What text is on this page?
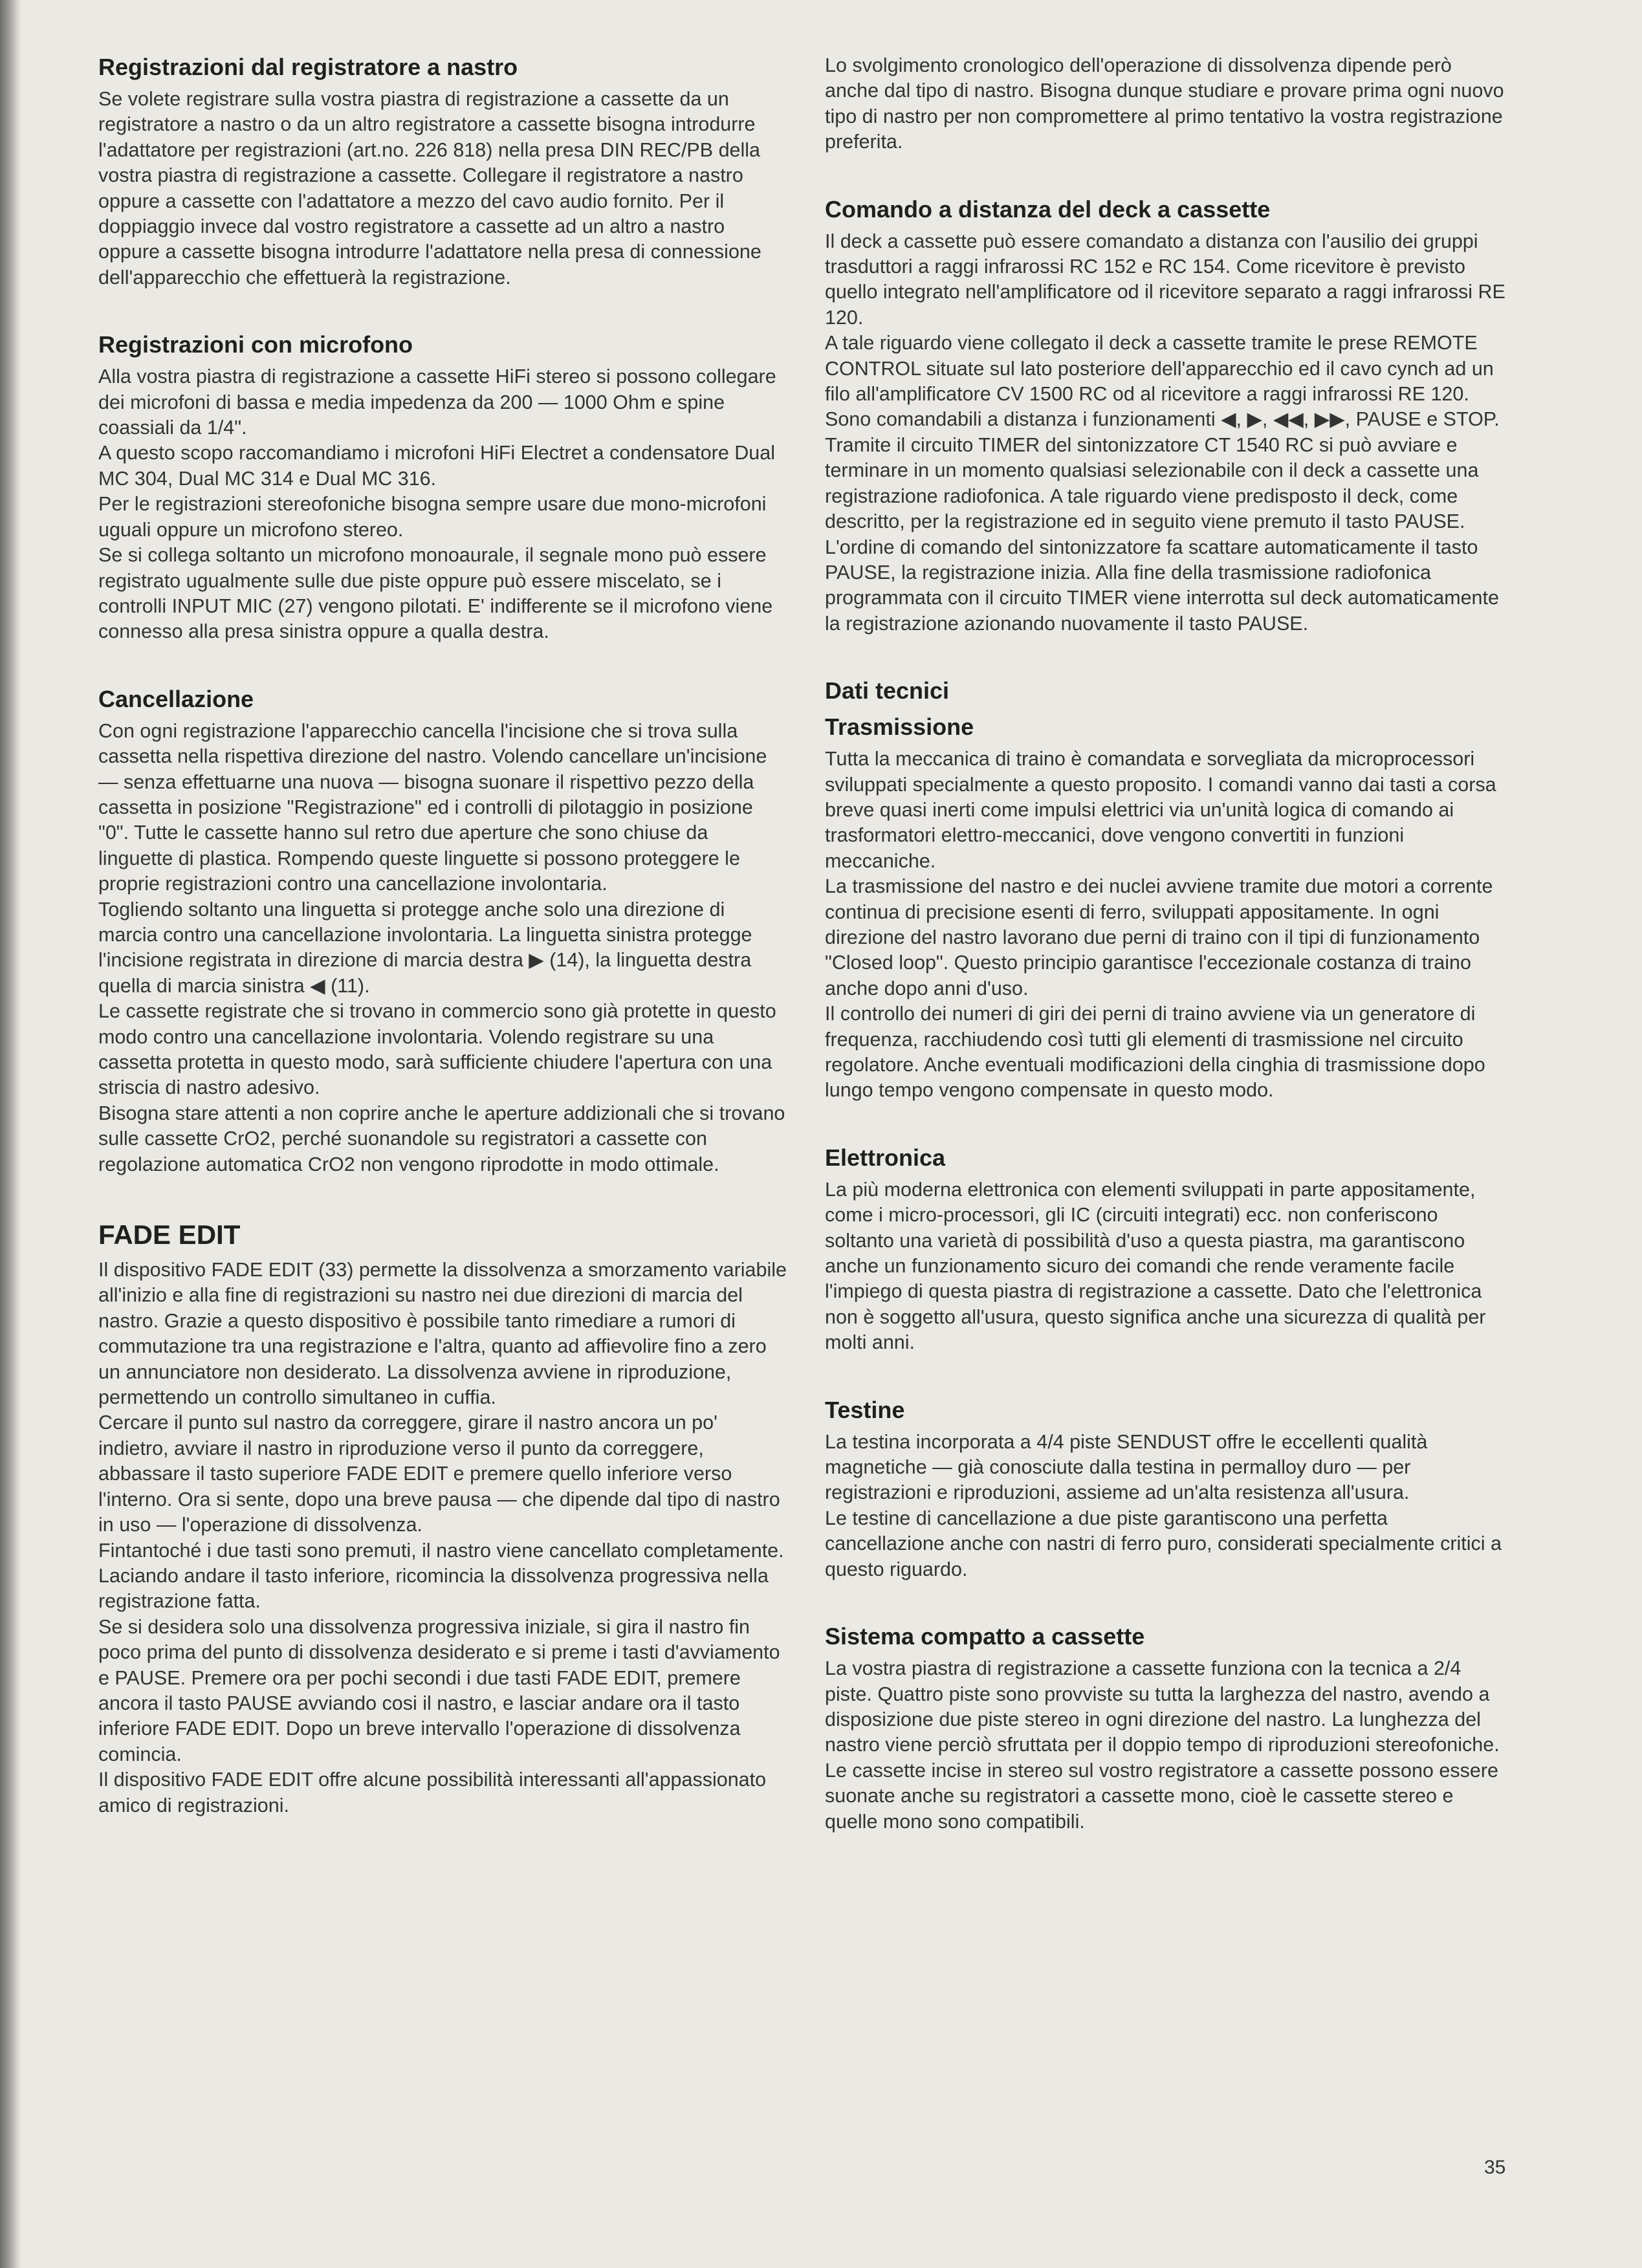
Registrazioni dal registratore a nastro

Se volete registrare sulla vostra piastra di registrazione a cassette da un registratore a nastro o da un altro registratore a cassette bisogna introdurre l'adattatore per registrazioni (art.no. 226 818) nella presa DIN REC/PB della vostra piastra di registrazione a cassette. Collegare il registratore a nastro oppure a cassette con l'adattatore a mezzo del cavo audio fornito. Per il doppiaggio invece dal vostro registratore a cassette ad un altro a nastro oppure a cassette bisogna introdurre l'adattatore nella presa di connessione dell'apparecchio che effettuerà la registrazione.

Registrazioni con microfono

Alla vostra piastra di registrazione a cassette HiFi stereo si possono collegare dei microfoni di bassa e media impedenza da 200 — 1000 Ohm e spine coassiali da 1/4".

A questo scopo raccomandiamo i microfoni HiFi Electret a condensatore Dual MC 304, Dual MC 314 e Dual MC 316.

Per le registrazioni stereofoniche bisogna sempre usare due mono-microfoni uguali oppure un microfono stereo.

Se si collega soltanto un microfono monoaurale, il segnale mono può essere registrato ugualmente sulle due piste oppure può essere miscelato, se i controlli INPUT MIC (27) vengono pilotati. E' indifferente se il microfono viene connesso alla presa sinistra oppure a qualla destra.

Cancellazione

Con ogni registrazione l'apparecchio cancella l'incisione che si trova sulla cassetta nella rispettiva direzione del nastro. Volendo cancellare un'incisione — senza effettuarne una nuova — bisogna suonare il rispettivo pezzo della cassetta in posizione "Registrazione" ed i controlli di pilotaggio in posizione "0". Tutte le cassette hanno sul retro due aperture che sono chiuse da linguette di plastica. Rompendo queste linguette si possono proteggere le proprie registrazioni contro una cancellazione involontaria.

Togliendo soltanto una linguetta si protegge anche solo una direzione di marcia contro una cancellazione involontaria. La linguetta sinistra protegge l'incisione registrata in direzione di marcia destra ▶ (14), la linguetta destra quella di marcia sinistra ◀ (11).

Le cassette registrate che si trovano in commercio sono già protette in questo modo contro una cancellazione involontaria. Volendo registrare su una cassetta protetta in questo modo, sarà sufficiente chiudere l'apertura con una striscia di nastro adesivo.

Bisogna stare attenti a non coprire anche le aperture addizionali che si trovano sulle cassette CrO2, perché suonandole su registratori a cassette con regolazione automatica CrO2 non vengono riprodotte in modo ottimale.

FADE EDIT

Il dispositivo FADE EDIT (33) permette la dissolvenza a smorzamento variabile all'inizio e alla fine di registrazioni su nastro nei due direzioni di marcia del nastro. Grazie a questo dispositivo è possibile tanto rimediare a rumori di commutazione tra una registrazione e l'altra, quanto ad affievolire fino a zero un annunciatore non desiderato. La dissolvenza avviene in riproduzione, permettendo un controllo simultaneo in cuffia.

Cercare il punto sul nastro da correggere, girare il nastro ancora un po' indietro, avviare il nastro in riproduzione verso il punto da correggere, abbassare il tasto superiore FADE EDIT e premere quello inferiore verso l'interno. Ora si sente, dopo una breve pausa — che dipende dal tipo di nastro in uso — l'operazione di dissolvenza.

Fintantoché i due tasti sono premuti, il nastro viene cancellato completamente. Laciando andare il tasto inferiore, ricomincia la dissolvenza progressiva nella registrazione fatta.

Se si desidera solo una dissolvenza progressiva iniziale, si gira il nastro fin poco prima del punto di dissolvenza desiderato e si preme i tasti d'avviamento e PAUSE. Premere ora per pochi secondi i due tasti FADE EDIT, premere ancora il tasto PAUSE avviando cosi il nastro, e lasciar andare ora il tasto inferiore FADE EDIT. Dopo un breve intervallo l'operazione di dissolvenza comincia.

Il dispositivo FADE EDIT offre alcune possibilità interessanti all'appassionato amico di registrazioni.

Lo svolgimento cronologico dell'operazione di dissolvenza dipende però anche dal tipo di nastro. Bisogna dunque studiare e provare prima ogni nuovo tipo di nastro per non compromettere al primo tentativo la vostra registrazione preferita.

Comando a distanza del deck a cassette

Il deck a cassette può essere comandato a distanza con l'ausilio dei gruppi trasduttori a raggi infrarossi RC 152 e RC 154. Come ricevitore è previsto quello integrato nell'amplificatore od il ricevitore separato a raggi infrarossi RE 120.

A tale riguardo viene collegato il deck a cassette tramite le prese REMOTE CONTROL situate sul lato posteriore dell'apparecchio ed il cavo cynch ad un filo all'amplificatore CV 1500 RC od al ricevitore a raggi infrarossi RE 120.

Sono comandabili a distanza i funzionamenti ◀, ▶, ◀◀, ▶▶, PAUSE e STOP.

Tramite il circuito TIMER del sintonizzatore CT 1540 RC si può avviare e terminare in un momento qualsiasi selezionabile con il deck a cassette una registrazione radiofonica. A tale riguardo viene predisposto il deck, come descritto, per la registrazione ed in seguito viene premuto il tasto PAUSE. L'ordine di comando del sintonizzatore fa scattare automaticamente il tasto PAUSE, la registrazione inizia. Alla fine della trasmissione radiofonica programmata con il circuito TIMER viene interrotta sul deck automaticamente la registrazione azionando nuovamente il tasto PAUSE.

Dati tecnici
Trasmissione

Tutta la meccanica di traino è comandata e sorvegliata da microprocessori sviluppati specialmente a questo proposito. I comandi vanno dai tasti a corsa breve quasi inerti come impulsi elettrici via un'unità logica di comando ai trasformatori elettro-meccanici, dove vengono convertiti in funzioni meccaniche.

La trasmissione del nastro e dei nuclei avviene tramite due motori a corrente continua di precisione esenti di ferro, sviluppati appositamente. In ogni direzione del nastro lavorano due perni di traino con il tipi di funzionamento "Closed loop". Questo principio garantisce l'eccezionale costanza di traino anche dopo anni d'uso.

Il controllo dei numeri di giri dei perni di traino avviene via un generatore di frequenza, racchiudendo così tutti gli elementi di trasmissione nel circuito regolatore. Anche eventuali modificazioni della cinghia di trasmissione dopo lungo tempo vengono compensate in questo modo.

Elettronica

La più moderna elettronica con elementi sviluppati in parte appositamente, come i micro-processori, gli IC (circuiti integrati) ecc. non conferiscono soltanto una varietà di possibilità d'uso a questa piastra, ma garantiscono anche un funzionamento sicuro dei comandi che rende veramente facile l'impiego di questa piastra di registrazione a cassette. Dato che l'elettronica non è soggetto all'usura, questo significa anche una sicurezza di qualità per molti anni.

Testine

La testina incorporata a 4/4 piste SENDUST offre le eccellenti qualità magnetiche — già conosciute dalla testina in permalloy duro — per registrazioni e riproduzioni, assieme ad un'alta resistenza all'usura.

Le testine di cancellazione a due piste garantiscono una perfetta cancellazione anche con nastri di ferro puro, considerati specialmente critici a questo riguardo.

Sistema compatto a cassette

La vostra piastra di registrazione a cassette funziona con la tecnica a 2/4 piste. Quattro piste sono provviste su tutta la larghezza del nastro, avendo a disposizione due piste stereo in ogni direzione del nastro. La lunghezza del nastro viene perciò sfruttata per il doppio tempo di riproduzioni stereofoniche.

Le cassette incise in stereo sul vostro registratore a cassette possono essere suonate anche su registratori a cassette mono, cioè le cassette stereo e quelle mono sono compatibili.

35
